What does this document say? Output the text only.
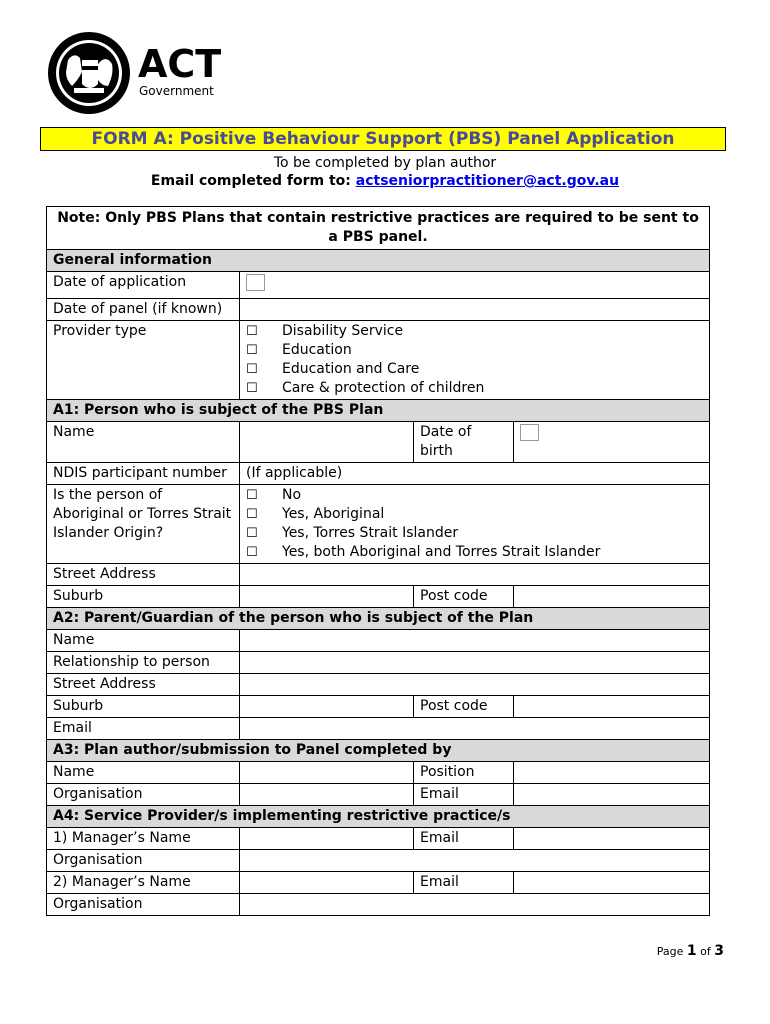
ACT
Government
FORM A: Positive Behaviour Support (PBS) Panel Application
To be completed by plan author
Email completed form to: actseniorpractitioner@act.gov.au
Note: Only PBS Plans that contain restrictive practices are required to be sent to a PBS panel.			
General information			
Date of application			
Date of panel (if known)			
Provider type	☐ Disability Service
☐ Education
☐ Education and Care
☐ Care & protection of children		

A1: Person who is subject of the PBS Plan			
Name		Date of birth	
NDIS participant number	(If applicable)		
Is the person of Aboriginal or Torres Strait Islander Origin?	☐ No
☐ Yes, Aboriginal
☐ Yes, Torres Strait Islander
☐ Yes, both Aboriginal and Torres Strait Islander		

Street Address			
Suburb		Post code	
A2: Parent/Guardian of the person who is subject of the Plan			
Name			
Relationship to person			
Street Address			
Suburb		Post code	
Email			
A3: Plan author/submission to Panel completed by			
Name		Position	
Organisation		Email	
A4: Service Provider/s implementing restrictive practice/s			
1) Manager’s Name		Email	
Organisation			
2) Manager’s Name		Email	
Organisation			
Page 1 of 3
